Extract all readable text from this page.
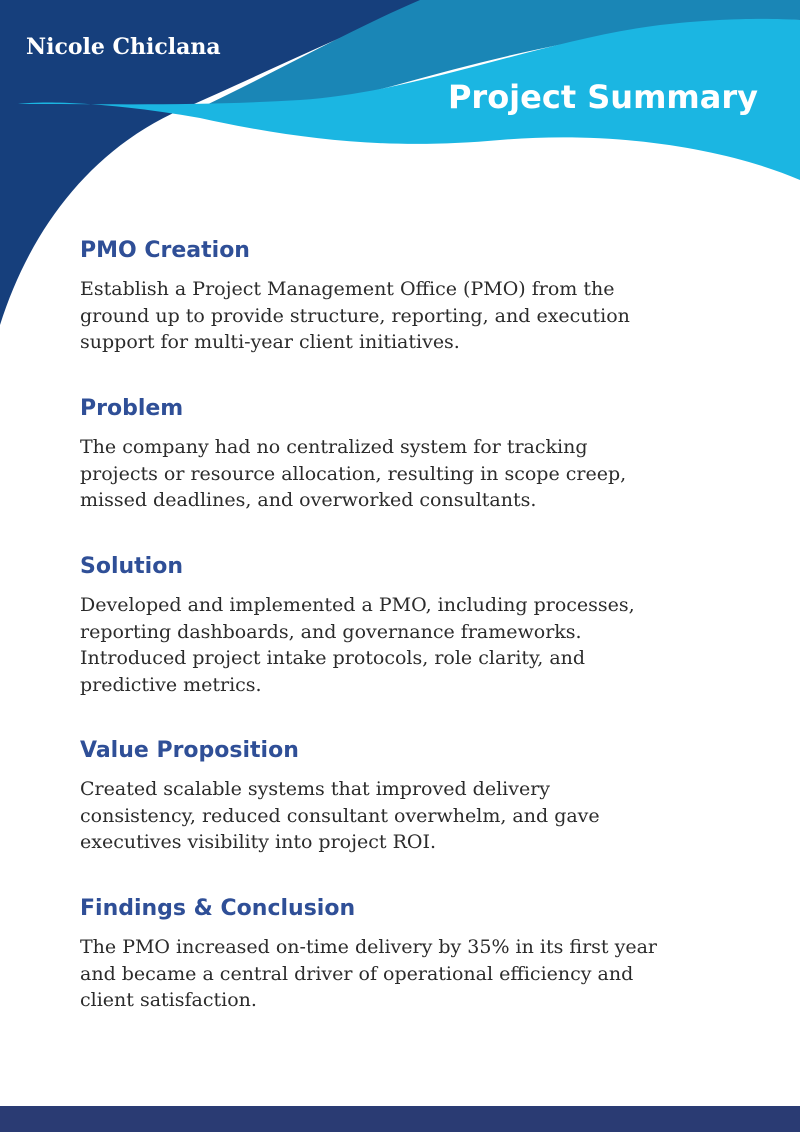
Nicole Chiclana
Project Summary
PMO Creation

Establish a Project Management Office (PMO) from the ground up to provide structure, reporting, and execution support for multi-year client initiatives.

Problem

The company had no centralized system for tracking projects or resource allocation, resulting in scope creep, missed deadlines, and overworked consultants.

Solution

Developed and implemented a PMO, including processes, reporting dashboards, and governance frameworks. Introduced project intake protocols, role clarity, and predictive metrics.

Value Proposition

Created scalable systems that improved delivery consistency, reduced consultant overwhelm, and gave executives visibility into project ROI.

Findings & Conclusion

The PMO increased on-time delivery by 35% in its first year and became a central driver of operational efficiency and client satisfaction.
